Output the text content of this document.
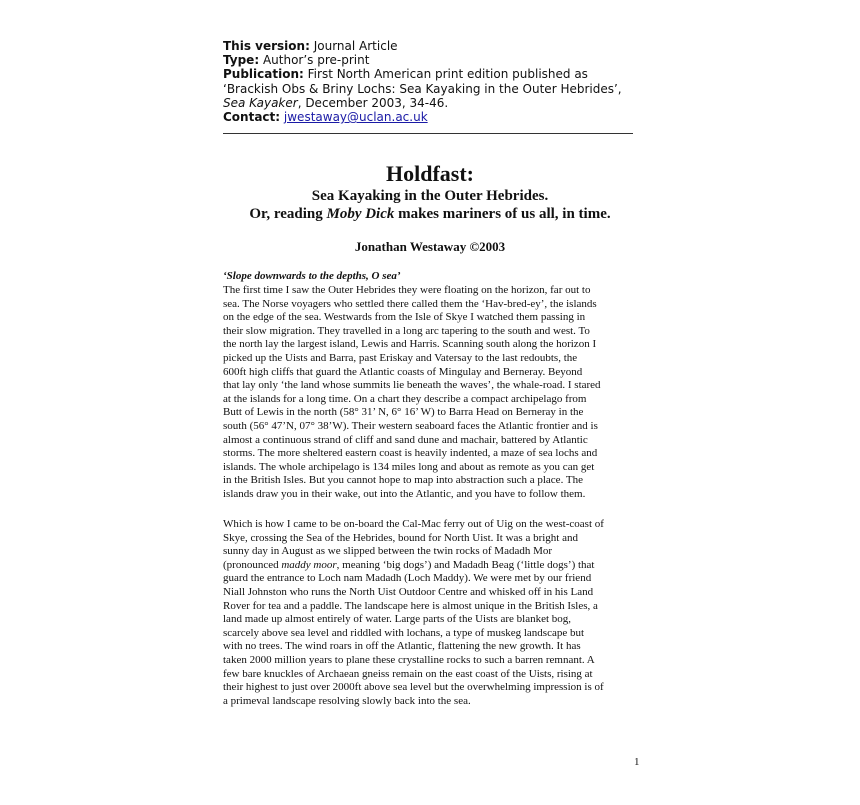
This version: Journal Article
Type: Author’s pre-print
Publication: First North American print edition published as
‘Brackish Obs & Briny Lochs: Sea Kayaking in the Outer Hebrides’,
Sea Kayaker, December 2003, 34-46.
Contact: jwestaway@uclan.ac.uk
Holdfast:
Sea Kayaking in the Outer Hebrides.
Or, reading Moby Dick makes mariners of us all, in time.
Jonathan Westaway ©2003
‘Slope downwards to the depths, O sea’
The first time I saw the Outer Hebrides they were floating on the horizon, far out to
sea. The Norse voyagers who settled there called them the ‘Hav-bred-ey’, the islands
on the edge of the sea. Westwards from the Isle of Skye I watched them passing in
their slow migration. They travelled in a long arc tapering to the south and west. To
the north lay the largest island, Lewis and Harris. Scanning south along the horizon I
picked up the Uists and Barra, past Eriskay and Vatersay to the last redoubts, the
600ft high cliffs that guard the Atlantic coasts of Mingulay and Berneray. Beyond
that lay only ‘the land whose summits lie beneath the waves’, the whale-road. I stared
at the islands for a long time. On a chart they describe a compact archipelago from
Butt of Lewis in the north (58° 31’ N, 6° 16’ W) to Barra Head on Berneray in the
south (56° 47’N, 07° 38’W). Their western seaboard faces the Atlantic frontier and is
almost a continuous strand of cliff and sand dune and machair, battered by Atlantic
storms. The more sheltered eastern coast is heavily indented, a maze of sea lochs and
islands. The whole archipelago is 134 miles long and about as remote as you can get
in the British Isles. But you cannot hope to map into abstraction such a place. The
islands draw you in their wake, out into the Atlantic, and you have to follow them.
Which is how I came to be on-board the Cal-Mac ferry out of Uig on the west-coast of
Skye, crossing the Sea of the Hebrides, bound for North Uist. It was a bright and
sunny day in August as we slipped between the twin rocks of Madadh Mor
(pronounced maddy moor, meaning ‘big dogs’) and Madadh Beag (‘little dogs’) that
guard the entrance to Loch nam Madadh (Loch Maddy). We were met by our friend
Niall Johnston who runs the North Uist Outdoor Centre and whisked off in his Land
Rover for tea and a paddle. The landscape here is almost unique in the British Isles, a
land made up almost entirely of water. Large parts of the Uists are blanket bog,
scarcely above sea level and riddled with lochans, a type of muskeg landscape but
with no trees. The wind roars in off the Atlantic, flattening the new growth. It has
taken 2000 million years to plane these crystalline rocks to such a barren remnant. A
few bare knuckles of Archaean gneiss remain on the east coast of the Uists, rising at
their highest to just over 2000ft above sea level but the overwhelming impression is of
a primeval landscape resolving slowly back into the sea.
1
